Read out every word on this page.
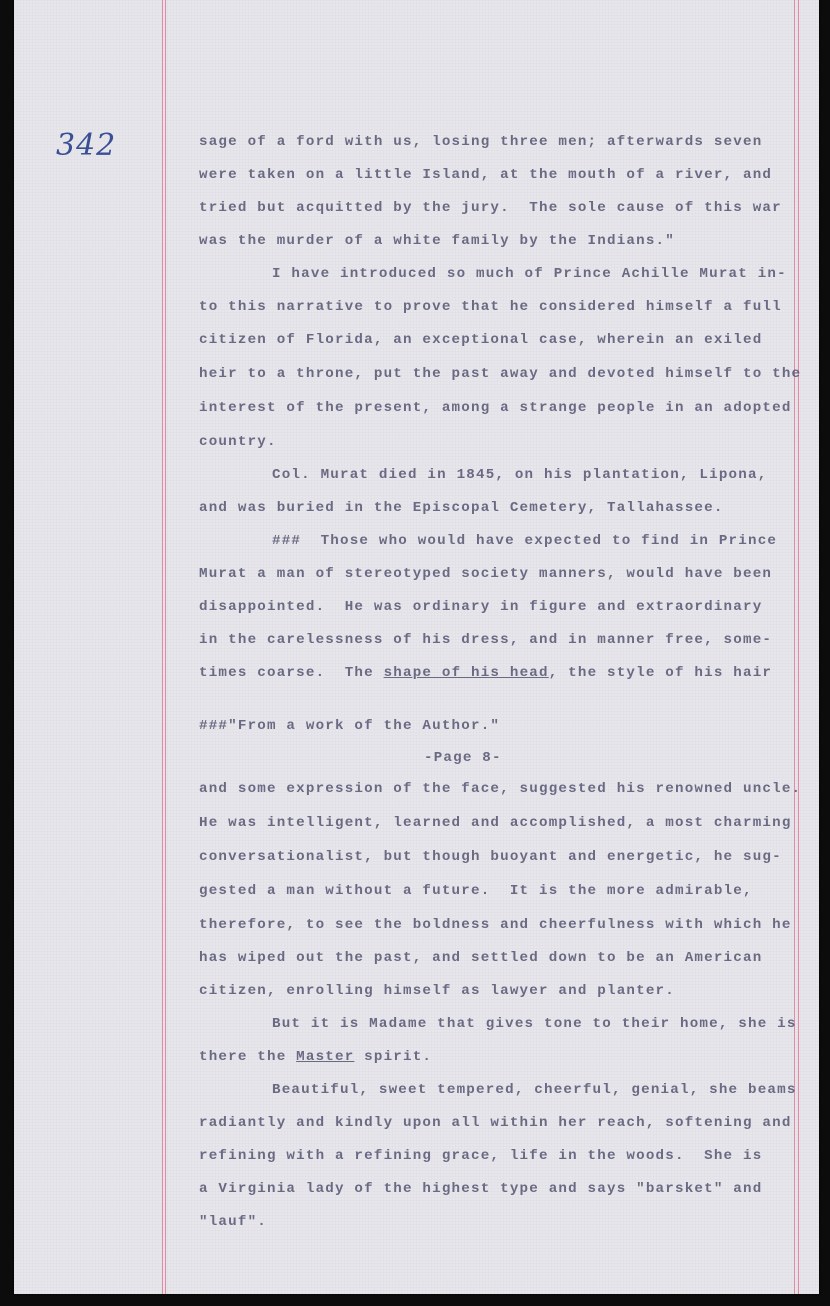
342	sage of a ford with us, losing three men; afterwards seven
were taken on a little Island, at the mouth of a river, and
tried but acquitted by the jury.  The sole cause of this war
was the murder of a white family by the Indians."
I have introduced so much of Prince Achille Murat in-
to this narrative to prove that he considered himself a full
citizen of Florida, an exceptional case, wherein an exiled
heir to a throne, put the past away and devoted himself to the
interest of the present, among a strange people in an adopted
country.
Col. Murat died in 1845, on his plantation, Lipona,
and was buried in the Episcopal Cemetery, Tallahassee.
###  Those who would have expected to find in Prince
Murat a man of stereotyped society manners, would have been
disappointed.  He was ordinary in figure and extraordinary
in the carelessness of his dress, and in manner free, some-
times coarse.  The shape of his head, the style of his hair
###"From a work of the Author."
-Page 8-
and some expression of the face, suggested his renowned uncle.
He was intelligent, learned and accomplished, a most charming
conversationalist, but though buoyant and energetic, he sug-
gested a man without a future.  It is the more admirable,
therefore, to see the boldness and cheerfulness with which he
has wiped out the past, and settled down to be an American
citizen, enrolling himself as lawyer and planter.
But it is Madame that gives tone to their home, she is
there the Master spirit.
Beautiful, sweet tempered, cheerful, genial, she beams
radiantly and kindly upon all within her reach, softening and
refining with a refining grace, life in the woods.  She is
a Virginia lady of the highest type and says "barsket" and
"lauf".
